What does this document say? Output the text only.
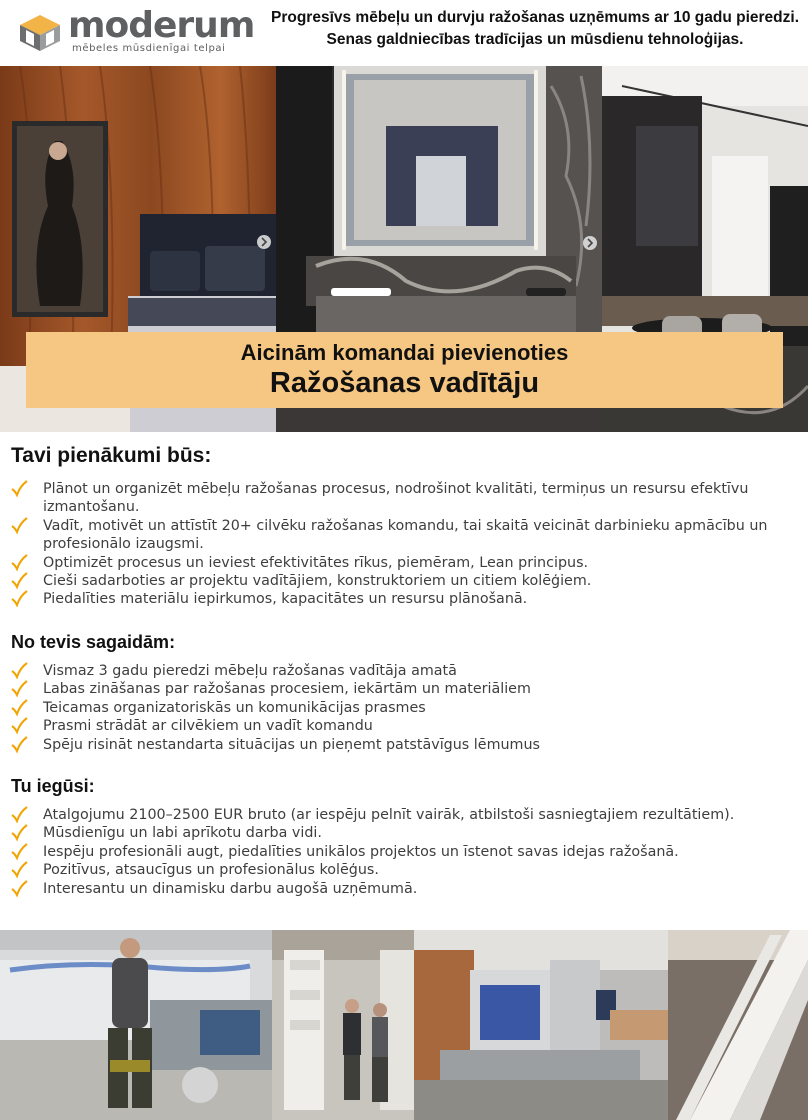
moderum
mēbeles mūsdienīgai telpai
Progresīvs mēbeļu un durvju ražošanas uzņēmums ar 10 gadu pieredzi. Senas galdniecības tradīcijas un mūsdienu tehnoloģijas.
Aicinām komandai pievienoties
Ražošanas vadītāju
Tavi pienākumi būs:
Plānot un organizēt mēbeļu ražošanas procesus, nodrošinot kvalitāti, termiņus un resursu efektīvu izmantošanu.
Vadīt, motivēt un attīstīt 20+ cilvēku ražošanas komandu, tai skaitā veicināt darbinieku apmācību un profesionālo izaugsmi.
Optimizēt procesus un ieviest efektivitātes rīkus, piemēram, Lean principus.
Cieši sadarboties ar projektu vadītājiem, konstruktoriem un citiem kolēģiem.
Piedalīties materiālu iepirkumos, kapacitātes un resursu plānošanā.
No tevis sagaidām:
Vismaz 3 gadu pieredzi mēbeļu ražošanas vadītāja amatā
Labas zināšanas par ražošanas procesiem, iekārtām un materiāliem
Teicamas organizatoriskās un komunikācijas prasmes
Prasmi strādāt ar cilvēkiem un vadīt komandu
Spēju risināt nestandarta situācijas un pieņemt patstāvīgus lēmumus
Tu iegūsi:
Atalgojumu 2100–2500 EUR bruto (ar iespēju pelnīt vairāk, atbilstoši sasniegtajiem rezultātiem).
Mūsdienīgu un labi aprīkotu darba vidi.
Iespēju profesionāli augt, piedalīties unikālos projektos un īstenot savas idejas ražošanā.
Pozitīvus, atsaucīgus un profesionālus kolēģus.
Interesantu un dinamisku darbu augošā uzņēmumā.
